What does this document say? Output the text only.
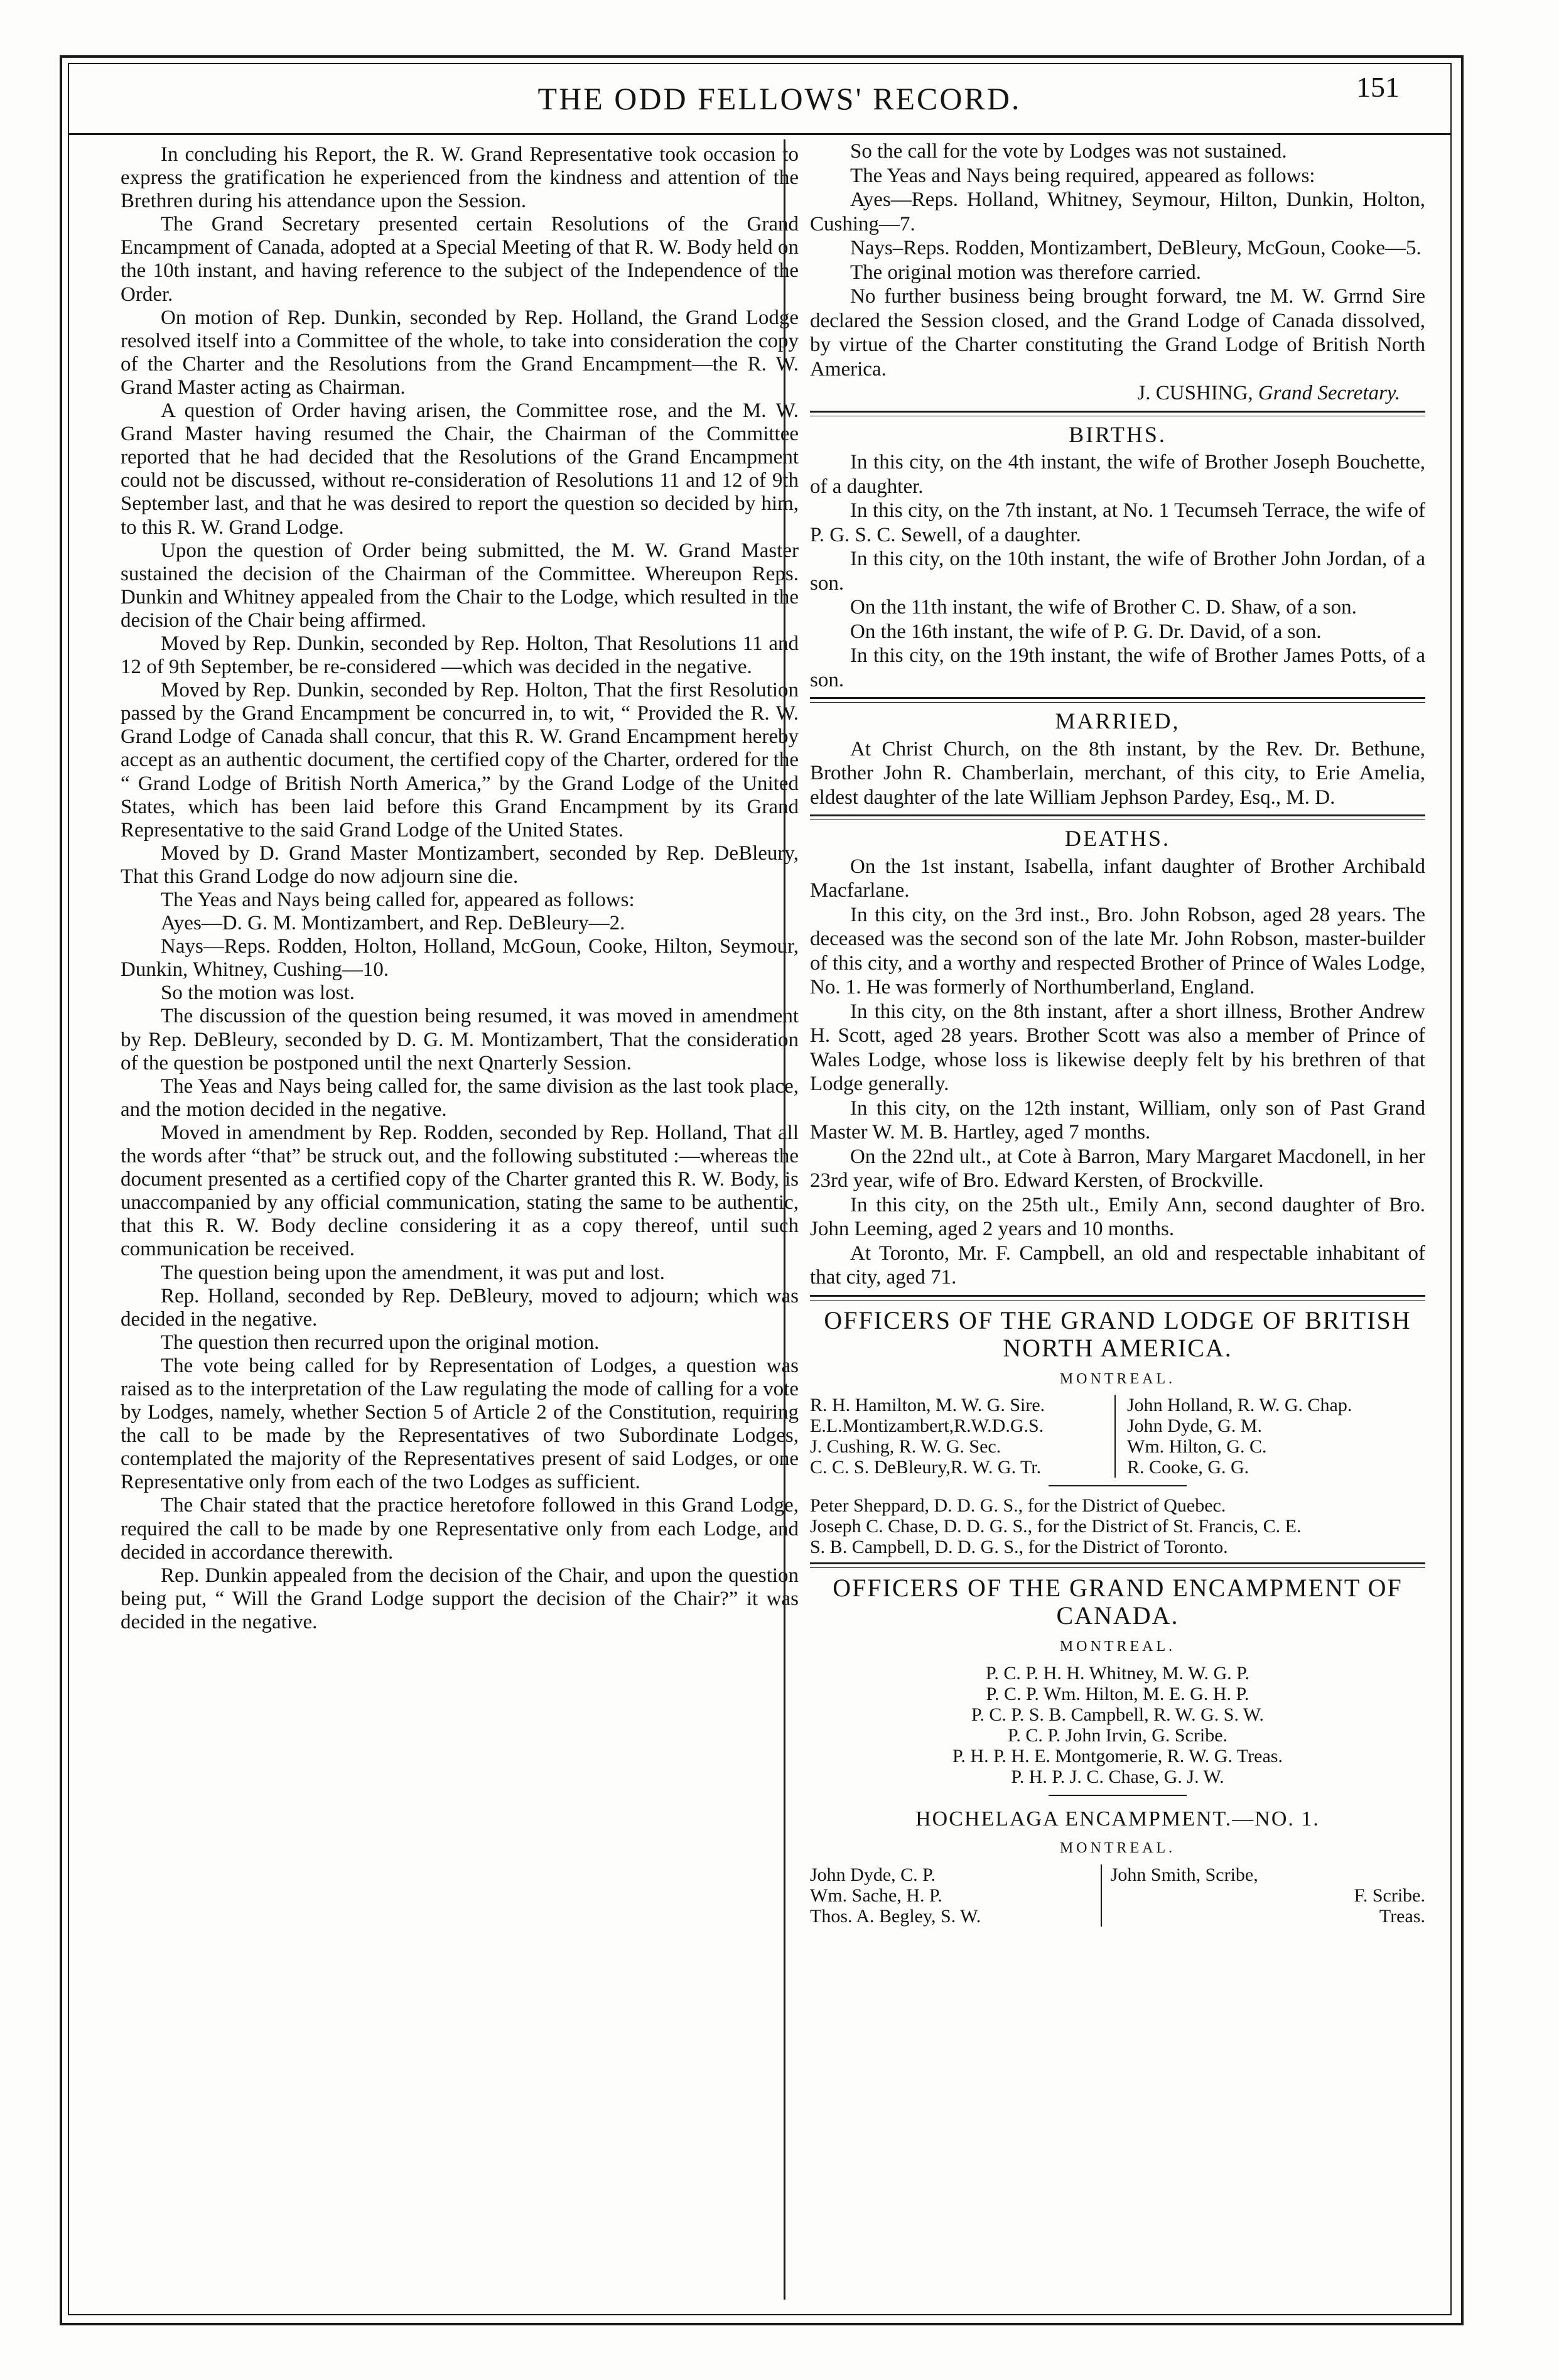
THE ODD FELLOWS' RECORD.	151

In concluding his Report, the R. W. Grand Representative took occasion to express the gratification he experienced from the kindness and attention of the Brethren during his attendance upon the Session.

The Grand Secretary presented certain Resolutions of the Grand Encampment of Canada, adopted at a Special Meeting of that R. W. Body held on the 10th instant, and having reference to the subject of the Independence of the Order.

On motion of Rep. Dunkin, seconded by Rep. Holland, the Grand Lodge resolved itself into a Committee of the whole, to take into consideration the copy of the Charter and the Resolutions from the Grand Encampment—the R. W. Grand Master acting as Chairman.

A question of Order having arisen, the Committee rose, and the M. W. Grand Master having resumed the Chair, the Chairman of the Committee reported that he had decided that the Resolutions of the Grand Encampment could not be discussed, without re-consideration of Resolutions 11 and 12 of 9th September last, and that he was desired to report the question so decided by him, to this R. W. Grand Lodge.

Upon the question of Order being submitted, the M. W. Grand Master sustained the decision of the Chairman of the Committee. Whereupon Reps. Dunkin and Whitney appealed from the Chair to the Lodge, which resulted in the decision of the Chair being affirmed.

Moved by Rep. Dunkin, seconded by Rep. Holton, That Resolutions 11 and 12 of 9th September, be re-considered —which was decided in the negative.

Moved by Rep. Dunkin, seconded by Rep. Holton, That the first Resolution passed by the Grand Encampment be concurred in, to wit, “ Provided the R. W. Grand Lodge of Canada shall concur, that this R. W. Grand Encampment hereby accept as an authentic document, the certified copy of the Charter, ordered for the “ Grand Lodge of British North America,” by the Grand Lodge of the United States, which has been laid before this Grand Encampment by its Grand Representative to the said Grand Lodge of the United States.

Moved by D. Grand Master Montizambert, seconded by Rep. DeBleury, That this Grand Lodge do now adjourn sine die.

The Yeas and Nays being called for, appeared as follows:

Ayes—D. G. M. Montizambert, and Rep. DeBleury—2.

Nays—Reps. Rodden, Holton, Holland, McGoun, Cooke, Hilton, Seymour, Dunkin, Whitney, Cushing—10.

So the motion was lost.

The discussion of the question being resumed, it was moved in amendment by Rep. DeBleury, seconded by D. G. M. Montizambert, That the consideration of the question be postponed until the next Qnarterly Session.

The Yeas and Nays being called for, the same division as the last took place, and the motion decided in the negative.

Moved in amendment by Rep. Rodden, seconded by Rep. Holland, That all the words after “that” be struck out, and the following substituted :—whereas the document presented as a certified copy of the Charter granted this R. W. Body, is unaccompanied by any official communication, stating the same to be authentic, that this R. W. Body decline considering it as a copy thereof, until such communication be received.

The question being upon the amendment, it was put and lost.

Rep. Holland, seconded by Rep. DeBleury, moved to adjourn; which was decided in the negative.

The question then recurred upon the original motion.

The vote being called for by Representation of Lodges, a question was raised as to the interpretation of the Law regulating the mode of calling for a vote by Lodges, namely, whether Section 5 of Article 2 of the Constitution, requiring the call to be made by the Representatives of two Subordinate Lodges, contemplated the majority of the Representatives present of said Lodges, or one Representative only from each of the two Lodges as sufficient.

The Chair stated that the practice heretofore followed in this Grand Lodge, required the call to be made by one Representative only from each Lodge, and decided in accordance therewith.

Rep. Dunkin appealed from the decision of the Chair, and upon the question being put, “ Will the Grand Lodge support the decision of the Chair?” it was decided in the negative.

So the call for the vote by Lodges was not sustained.

The Yeas and Nays being required, appeared as follows:

Ayes—Reps. Holland, Whitney, Seymour, Hilton, Dunkin, Holton, Cushing—7.

Nays–Reps. Rodden, Montizambert, DeBleury, McGoun, Cooke—5.

The original motion was therefore carried.

No further business being brought forward, tne M. W. Grrnd Sire declared the Session closed, and the Grand Lodge of Canada dissolved, by virtue of the Charter constituting the Grand Lodge of British North America.

J. CUSHING, Grand Secretary.

BIRTHS.

In this city, on the 4th instant, the wife of Brother Joseph Bouchette, of a daughter.

In this city, on the 7th instant, at No. 1 Tecumseh Terrace, the wife of P. G. S. C. Sewell, of a daughter.

In this city, on the 10th instant, the wife of Brother John Jordan, of a son.

On the 11th instant, the wife of Brother C. D. Shaw, of a son.

On the 16th instant, the wife of P. G. Dr. David, of a son.

In this city, on the 19th instant, the wife of Brother James Potts, of a son.

MARRIED,

At Christ Church, on the 8th instant, by the Rev. Dr. Bethune, Brother John R. Chamberlain, merchant, of this city, to Erie Amelia, eldest daughter of the late William Jephson Pardey, Esq., M. D.

DEATHS.

On the 1st instant, Isabella, infant daughter of Brother Archibald Macfarlane.

In this city, on the 3rd inst., Bro. John Robson, aged 28 years. The deceased was the second son of the late Mr. John Robson, master-builder of this city, and a worthy and respected Brother of Prince of Wales Lodge, No. 1. He was formerly of Northumberland, England.

In this city, on the 8th instant, after a short illness, Brother Andrew H. Scott, aged 28 years. Brother Scott was also a member of Prince of Wales Lodge, whose loss is likewise deeply felt by his brethren of that Lodge generally.

In this city, on the 12th instant, William, only son of Past Grand Master W. M. B. Hartley, aged 7 months.

On the 22nd ult., at Cote à Barron, Mary Margaret Macdonell, in her 23rd year, wife of Bro. Edward Kersten, of Brockville.

In this city, on the 25th ult., Emily Ann, second daughter of Bro. John Leeming, aged 2 years and 10 months.

At Toronto, Mr. F. Campbell, an old and respectable inhabitant of that city, aged 71.

OFFICERS OF THE GRAND LODGE OF BRITISH NORTH AMERICA.
MONTREAL.
R. H. Hamilton, M. W. G. Sire.
E.L.Montizambert,R.W.D.G.S.
J. Cushing, R. W. G. Sec.
C. C. S. DeBleury,R. W. G. Tr.
John Holland, R. W. G. Chap.
John Dyde, G. M.
Wm. Hilton, G. C.
R. Cooke, G. G.
Peter Sheppard, D. D. G. S., for the District of Quebec.
Joseph C. Chase, D. D. G. S., for the District of St. Francis, C. E.
S. B. Campbell, D. D. G. S., for the District of Toronto.
OFFICERS OF THE GRAND ENCAMPMENT OF CANADA.
MONTREAL.
P. C. P. H. H. Whitney, M. W. G. P.
P. C. P. Wm. Hilton, M. E. G. H. P.
P. C. P. S. B. Campbell, R. W. G. S. W.
P. C. P. John Irvin, G. Scribe.
P. H. P. H. E. Montgomerie, R. W. G. Treas.
P. H. P. J. C. Chase, G. J. W.
HOCHELAGA ENCAMPMENT.—NO. 1.
MONTREAL.
John Dyde, C. P.
Wm. Sache, H. P.
Thos. A. Begley, S. W.
John Smith, Scribe,
F. Scribe.
Treas.
